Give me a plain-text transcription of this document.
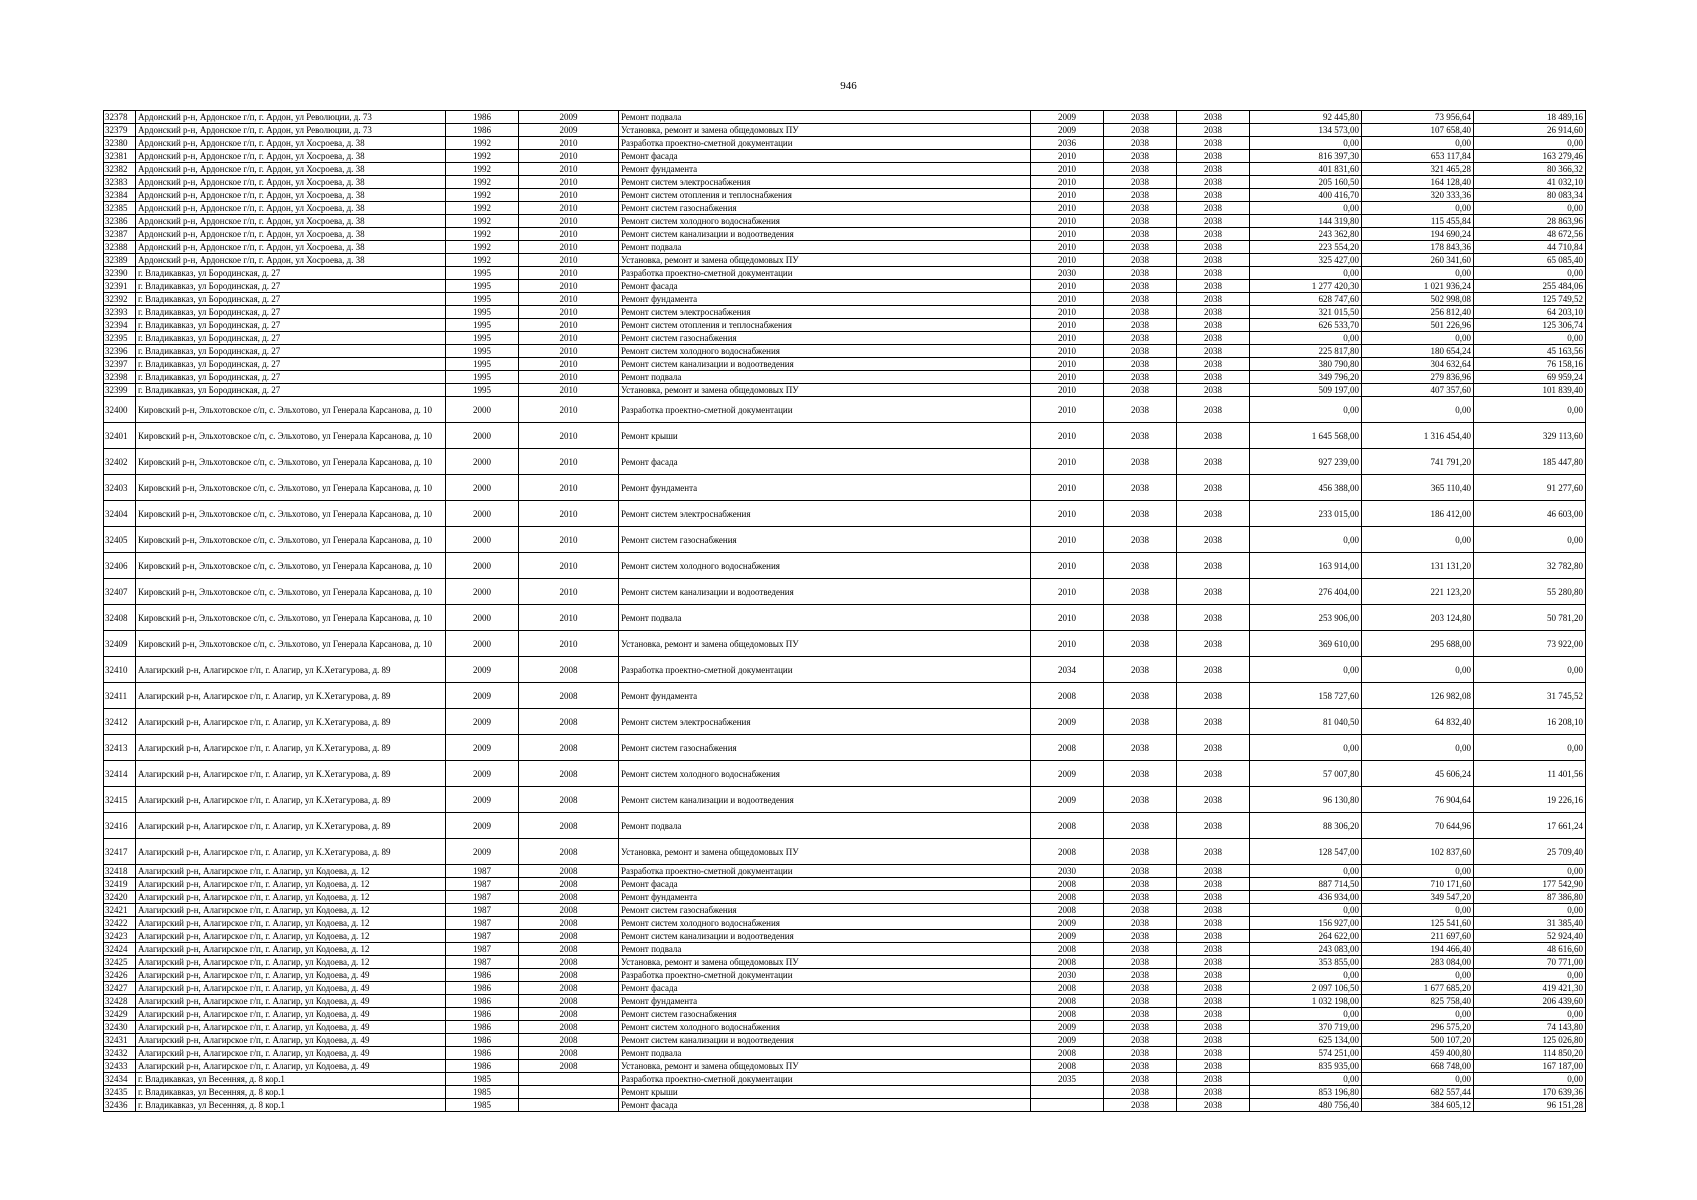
946
32378	Ардонский р-н, Ардонское г/п, г. Ардон, ул Революции, д. 73	1986	2009	Ремонт подвала	2009	2038	2038	92 445,80	73 956,64	18 489,16
32379	Ардонский р-н, Ардонское г/п, г. Ардон, ул Революции, д. 73	1986	2009	Установка, ремонт и замена общедомовых ПУ	2009	2038	2038	134 573,00	107 658,40	26 914,60
32380	Ардонский р-н, Ардонское г/п, г. Ардон, ул Хосроева, д. 38	1992	2010	Разработка проектно-сметной документации	2036	2038	2038	0,00	0,00	0,00
32381	Ардонский р-н, Ардонское г/п, г. Ардон, ул Хосроева, д. 38	1992	2010	Ремонт фасада	2010	2038	2038	816 397,30	653 117,84	163 279,46
32382	Ардонский р-н, Ардонское г/п, г. Ардон, ул Хосроева, д. 38	1992	2010	Ремонт фундамента	2010	2038	2038	401 831,60	321 465,28	80 366,32
32383	Ардонский р-н, Ардонское г/п, г. Ардон, ул Хосроева, д. 38	1992	2010	Ремонт систем электроснабжения	2010	2038	2038	205 160,50	164 128,40	41 032,10
32384	Ардонский р-н, Ардонское г/п, г. Ардон, ул Хосроева, д. 38	1992	2010	Ремонт систем отопления и теплоснабжения	2010	2038	2038	400 416,70	320 333,36	80 083,34
32385	Ардонский р-н, Ардонское г/п, г. Ардон, ул Хосроева, д. 38	1992	2010	Ремонт систем газоснабжения	2010	2038	2038	0,00	0,00	0,00
32386	Ардонский р-н, Ардонское г/п, г. Ардон, ул Хосроева, д. 38	1992	2010	Ремонт систем холодного водоснабжения	2010	2038	2038	144 319,80	115 455,84	28 863,96
32387	Ардонский р-н, Ардонское г/п, г. Ардон, ул Хосроева, д. 38	1992	2010	Ремонт систем канализации и водоотведения	2010	2038	2038	243 362,80	194 690,24	48 672,56
32388	Ардонский р-н, Ардонское г/п, г. Ардон, ул Хосроева, д. 38	1992	2010	Ремонт подвала	2010	2038	2038	223 554,20	178 843,36	44 710,84
32389	Ардонский р-н, Ардонское г/п, г. Ардон, ул Хосроева, д. 38	1992	2010	Установка, ремонт и замена общедомовых ПУ	2010	2038	2038	325 427,00	260 341,60	65 085,40
32390	г. Владикавказ, ул Бородинская, д. 27	1995	2010	Разработка проектно-сметной документации	2030	2038	2038	0,00	0,00	0,00
32391	г. Владикавказ, ул Бородинская, д. 27	1995	2010	Ремонт фасада	2010	2038	2038	1 277 420,30	1 021 936,24	255 484,06
32392	г. Владикавказ, ул Бородинская, д. 27	1995	2010	Ремонт фундамента	2010	2038	2038	628 747,60	502 998,08	125 749,52
32393	г. Владикавказ, ул Бородинская, д. 27	1995	2010	Ремонт систем электроснабжения	2010	2038	2038	321 015,50	256 812,40	64 203,10
32394	г. Владикавказ, ул Бородинская, д. 27	1995	2010	Ремонт систем отопления и теплоснабжения	2010	2038	2038	626 533,70	501 226,96	125 306,74
32395	г. Владикавказ, ул Бородинская, д. 27	1995	2010	Ремонт систем газоснабжения	2010	2038	2038	0,00	0,00	0,00
32396	г. Владикавказ, ул Бородинская, д. 27	1995	2010	Ремонт систем холодного водоснабжения	2010	2038	2038	225 817,80	180 654,24	45 163,56
32397	г. Владикавказ, ул Бородинская, д. 27	1995	2010	Ремонт систем канализации и водоотведения	2010	2038	2038	380 790,80	304 632,64	76 158,16
32398	г. Владикавказ, ул Бородинская, д. 27	1995	2010	Ремонт подвала	2010	2038	2038	349 796,20	279 836,96	69 959,24
32399	г. Владикавказ, ул Бородинская, д. 27	1995	2010	Установка, ремонт и замена общедомовых ПУ	2010	2038	2038	509 197,00	407 357,60	101 839,40
32400	Кировский р-н, Эльхотовское с/п, с. Эльхотово, ул Генерала Карсанова, д. 10	2000	2010	Разработка проектно-сметной документации	2010	2038	2038	0,00	0,00	0,00
32401	Кировский р-н, Эльхотовское с/п, с. Эльхотово, ул Генерала Карсанова, д. 10	2000	2010	Ремонт крыши	2010	2038	2038	1 645 568,00	1 316 454,40	329 113,60
32402	Кировский р-н, Эльхотовское с/п, с. Эльхотово, ул Генерала Карсанова, д. 10	2000	2010	Ремонт фасада	2010	2038	2038	927 239,00	741 791,20	185 447,80
32403	Кировский р-н, Эльхотовское с/п, с. Эльхотово, ул Генерала Карсанова, д. 10	2000	2010	Ремонт фундамента	2010	2038	2038	456 388,00	365 110,40	91 277,60
32404	Кировский р-н, Эльхотовское с/п, с. Эльхотово, ул Генерала Карсанова, д. 10	2000	2010	Ремонт систем электроснабжения	2010	2038	2038	233 015,00	186 412,00	46 603,00
32405	Кировский р-н, Эльхотовское с/п, с. Эльхотово, ул Генерала Карсанова, д. 10	2000	2010	Ремонт систем газоснабжения	2010	2038	2038	0,00	0,00	0,00
32406	Кировский р-н, Эльхотовское с/п, с. Эльхотово, ул Генерала Карсанова, д. 10	2000	2010	Ремонт систем холодного водоснабжения	2010	2038	2038	163 914,00	131 131,20	32 782,80
32407	Кировский р-н, Эльхотовское с/п, с. Эльхотово, ул Генерала Карсанова, д. 10	2000	2010	Ремонт систем канализации и водоотведения	2010	2038	2038	276 404,00	221 123,20	55 280,80
32408	Кировский р-н, Эльхотовское с/п, с. Эльхотово, ул Генерала Карсанова, д. 10	2000	2010	Ремонт подвала	2010	2038	2038	253 906,00	203 124,80	50 781,20
32409	Кировский р-н, Эльхотовское с/п, с. Эльхотово, ул Генерала Карсанова, д. 10	2000	2010	Установка, ремонт и замена общедомовых ПУ	2010	2038	2038	369 610,00	295 688,00	73 922,00
32410	Алагирский р-н, Алагирское г/п, г. Алагир, ул К.Хетагурова, д. 89	2009	2008	Разработка проектно-сметной документации	2034	2038	2038	0,00	0,00	0,00
32411	Алагирский р-н, Алагирское г/п, г. Алагир, ул К.Хетагурова, д. 89	2009	2008	Ремонт фундамента	2008	2038	2038	158 727,60	126 982,08	31 745,52
32412	Алагирский р-н, Алагирское г/п, г. Алагир, ул К.Хетагурова, д. 89	2009	2008	Ремонт систем электроснабжения	2009	2038	2038	81 040,50	64 832,40	16 208,10
32413	Алагирский р-н, Алагирское г/п, г. Алагир, ул К.Хетагурова, д. 89	2009	2008	Ремонт систем газоснабжения	2008	2038	2038	0,00	0,00	0,00
32414	Алагирский р-н, Алагирское г/п, г. Алагир, ул К.Хетагурова, д. 89	2009	2008	Ремонт систем холодного водоснабжения	2009	2038	2038	57 007,80	45 606,24	11 401,56
32415	Алагирский р-н, Алагирское г/п, г. Алагир, ул К.Хетагурова, д. 89	2009	2008	Ремонт систем канализации и водоотведения	2009	2038	2038	96 130,80	76 904,64	19 226,16
32416	Алагирский р-н, Алагирское г/п, г. Алагир, ул К.Хетагурова, д. 89	2009	2008	Ремонт подвала	2008	2038	2038	88 306,20	70 644,96	17 661,24
32417	Алагирский р-н, Алагирское г/п, г. Алагир, ул К.Хетагурова, д. 89	2009	2008	Установка, ремонт и замена общедомовых ПУ	2008	2038	2038	128 547,00	102 837,60	25 709,40
32418	Алагирский р-н, Алагирское г/п, г. Алагир, ул Кодоева, д. 12	1987	2008	Разработка проектно-сметной документации	2030	2038	2038	0,00	0,00	0,00
32419	Алагирский р-н, Алагирское г/п, г. Алагир, ул Кодоева, д. 12	1987	2008	Ремонт фасада	2008	2038	2038	887 714,50	710 171,60	177 542,90
32420	Алагирский р-н, Алагирское г/п, г. Алагир, ул Кодоева, д. 12	1987	2008	Ремонт фундамента	2008	2038	2038	436 934,00	349 547,20	87 386,80
32421	Алагирский р-н, Алагирское г/п, г. Алагир, ул Кодоева, д. 12	1987	2008	Ремонт систем газоснабжения	2008	2038	2038	0,00	0,00	0,00
32422	Алагирский р-н, Алагирское г/п, г. Алагир, ул Кодоева, д. 12	1987	2008	Ремонт систем холодного водоснабжения	2009	2038	2038	156 927,00	125 541,60	31 385,40
32423	Алагирский р-н, Алагирское г/п, г. Алагир, ул Кодоева, д. 12	1987	2008	Ремонт систем канализации и водоотведения	2009	2038	2038	264 622,00	211 697,60	52 924,40
32424	Алагирский р-н, Алагирское г/п, г. Алагир, ул Кодоева, д. 12	1987	2008	Ремонт подвала	2008	2038	2038	243 083,00	194 466,40	48 616,60
32425	Алагирский р-н, Алагирское г/п, г. Алагир, ул Кодоева, д. 12	1987	2008	Установка, ремонт и замена общедомовых ПУ	2008	2038	2038	353 855,00	283 084,00	70 771,00
32426	Алагирский р-н, Алагирское г/п, г. Алагир, ул Кодоева, д. 49	1986	2008	Разработка проектно-сметной документации	2030	2038	2038	0,00	0,00	0,00
32427	Алагирский р-н, Алагирское г/п, г. Алагир, ул Кодоева, д. 49	1986	2008	Ремонт фасада	2008	2038	2038	2 097 106,50	1 677 685,20	419 421,30
32428	Алагирский р-н, Алагирское г/п, г. Алагир, ул Кодоева, д. 49	1986	2008	Ремонт фундамента	2008	2038	2038	1 032 198,00	825 758,40	206 439,60
32429	Алагирский р-н, Алагирское г/п, г. Алагир, ул Кодоева, д. 49	1986	2008	Ремонт систем газоснабжения	2008	2038	2038	0,00	0,00	0,00
32430	Алагирский р-н, Алагирское г/п, г. Алагир, ул Кодоева, д. 49	1986	2008	Ремонт систем холодного водоснабжения	2009	2038	2038	370 719,00	296 575,20	74 143,80
32431	Алагирский р-н, Алагирское г/п, г. Алагир, ул Кодоева, д. 49	1986	2008	Ремонт систем канализации и водоотведения	2009	2038	2038	625 134,00	500 107,20	125 026,80
32432	Алагирский р-н, Алагирское г/п, г. Алагир, ул Кодоева, д. 49	1986	2008	Ремонт подвала	2008	2038	2038	574 251,00	459 400,80	114 850,20
32433	Алагирский р-н, Алагирское г/п, г. Алагир, ул Кодоева, д. 49	1986	2008	Установка, ремонт и замена общедомовых ПУ	2008	2038	2038	835 935,00	668 748,00	167 187,00
32434	г. Владикавказ, ул Весенняя, д. 8 кор.1	1985		Разработка проектно-сметной документации	2035	2038	2038	0,00	0,00	0,00
32435	г. Владикавказ, ул Весенняя, д. 8 кор.1	1985		Ремонт крыши		2038	2038	853 196,80	682 557,44	170 639,36
32436	г. Владикавказ, ул Весенняя, д. 8 кор.1	1985		Ремонт фасада		2038	2038	480 756,40	384 605,12	96 151,28
